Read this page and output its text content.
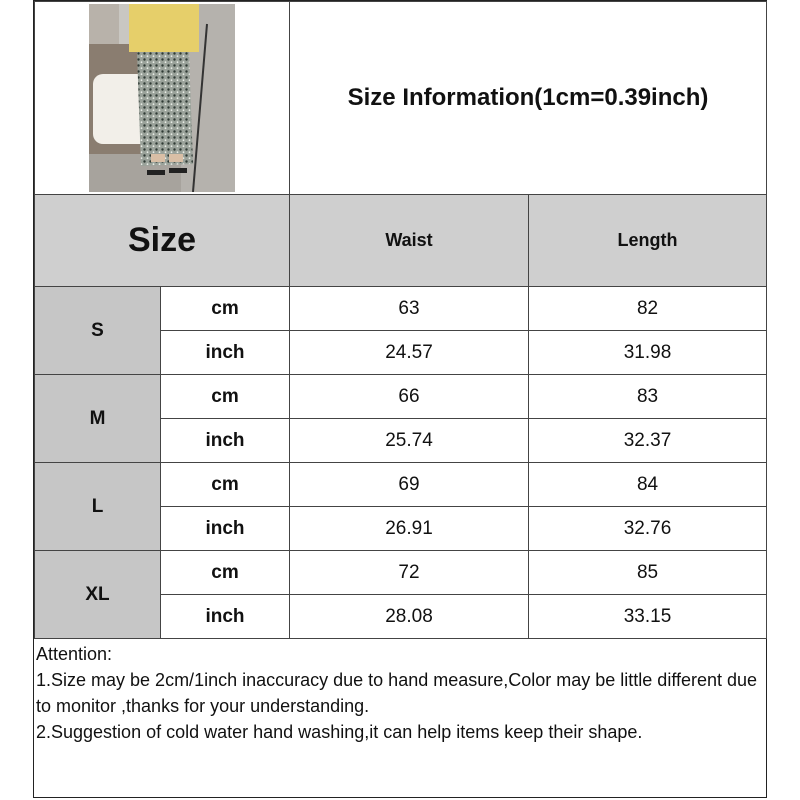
	Size Information(1cm=0.39inch)	
Size		Waist	Length
S	cm	63	82
	inch	24.57	31.98
M	cm	66	83
	inch	25.74	32.37
L	cm	69	84
	inch	26.91	32.76
XL	cm	72	85
	inch	28.08	33.15
Attention:
1.Size may be 2cm/1inch inaccuracy due to hand measure,Color may be little different due to monitor ,thanks for your understanding.
2.Suggestion of cold water hand washing,it can help items keep their shape.
